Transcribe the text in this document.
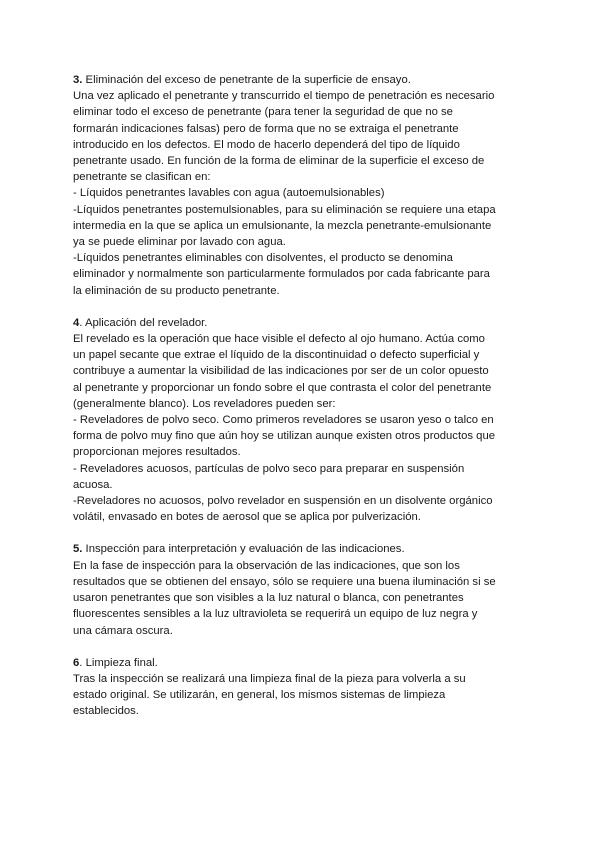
3. Eliminación del exceso de penetrante de la superficie de ensayo.
Una vez aplicado el penetrante y transcurrido el tiempo de penetración es necesario
eliminar todo el exceso de penetrante (para tener la seguridad de que no se
formarán indicaciones falsas) pero de forma que no se extraiga el penetrante
introducido en los defectos. El modo de hacerlo dependerá del tipo de líquido
penetrante usado. En función de la forma de eliminar de la superficie el exceso de
penetrante se clasifican en:
- Líquidos penetrantes lavables con agua (autoemulsionables)
-Líquidos penetrantes postemulsionables, para su eliminación se requiere una etapa
intermedia en la que se aplica un emulsionante, la mezcla penetrante-emulsionante
ya se puede eliminar por lavado con agua.
-Líquidos penetrantes eliminables con disolventes, el producto se denomina
eliminador y normalmente son particularmente formulados por cada fabricante para
la eliminación de su producto penetrante.
4. Aplicación del revelador.
El revelado es la operación que hace visible el defecto al ojo humano. Actúa como
un papel secante que extrae el líquido de la discontinuidad o defecto superficial y
contribuye a aumentar la visibilidad de las indicaciones por ser de un color opuesto
al penetrante y proporcionar un fondo sobre el que contrasta el color del penetrante
(generalmente blanco). Los reveladores pueden ser:
- Reveladores de polvo seco. Como primeros reveladores se usaron yeso o talco en
forma de polvo muy fino que aún hoy se utilizan aunque existen otros productos que
proporcionan mejores resultados.
- Reveladores acuosos, partículas de polvo seco para preparar en suspensión
acuosa.
-Reveladores no acuosos, polvo revelador en suspensión en un disolvente orgánico
volátil, envasado en botes de aerosol que se aplica por pulverización.
5. Inspección para interpretación y evaluación de las indicaciones.
En la fase de inspección para la observación de las indicaciones, que son los
resultados que se obtienen del ensayo, sólo se requiere una buena iluminación si se
usaron penetrantes que son visibles a la luz natural o blanca, con penetrantes
fluorescentes sensibles a la luz ultravioleta se requerirá un equipo de luz negra y
una cámara oscura.
6. Limpieza final.
Tras la inspección se realizará una limpieza final de la pieza para volverla a su
estado original. Se utilizarán, en general, los mismos sistemas de limpieza
establecidos.
